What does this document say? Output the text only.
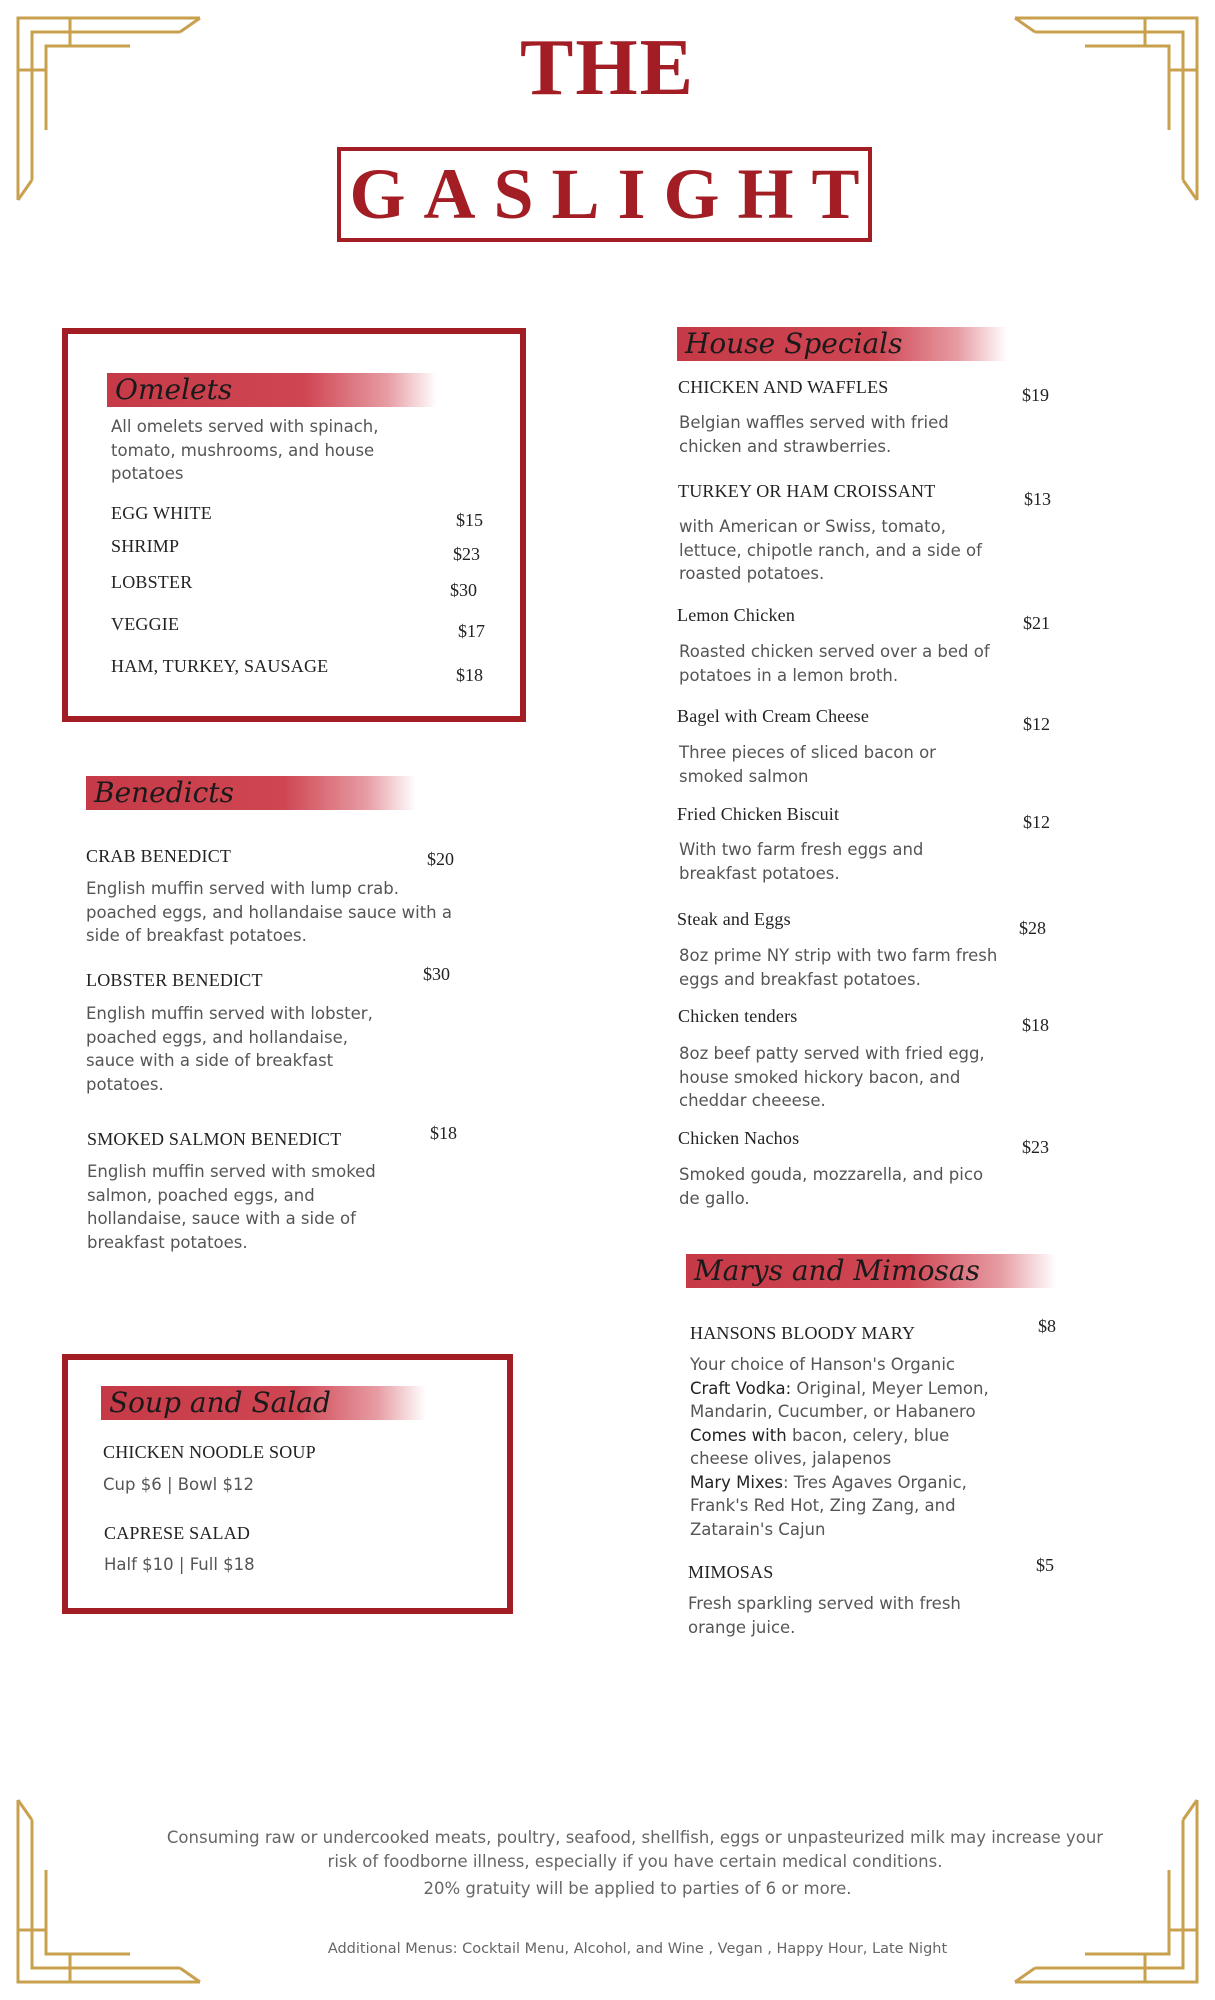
THE
GASLIGHT
Omelets
All omelets served with spinach, tomato, mushrooms, and house potatoes
EGG WHITE	$15
SHRIMP	$23
LOBSTER	$30
VEGGIE	$17
HAM, TURKEY, SAUSAGE	$18
Benedicts
CRAB BENEDICT	$20
English muffin served with lump crab. poached eggs, and hollandaise sauce with a side of breakfast potatoes.
LOBSTER BENEDICT	$30
English muffin served with lobster, poached eggs, and hollandaise, sauce with a side of breakfast potatoes.
SMOKED SALMON BENEDICT	$18
English muffin served with smoked salmon, poached eggs, and hollandaise, sauce with a side of breakfast potatoes.
Soup and Salad
CHICKEN NOODLE SOUP
Cup $6 | Bowl $12
CAPRESE SALAD
Half $10 | Full $18
House Specials
CHICKEN AND WAFFLES	$19
Belgian waffles served with fried chicken and strawberries.
TURKEY OR HAM CROISSANT	$13
with American or Swiss, tomato, lettuce, chipotle ranch, and a side of roasted potatoes.
Lemon Chicken	$21
Roasted chicken served over a bed of potatoes in a lemon broth.
Bagel with Cream Cheese	$12
Three pieces of sliced bacon or smoked salmon
Fried Chicken Biscuit	$12
With two farm fresh eggs and breakfast potatoes.
Steak and Eggs	$28
8oz prime NY strip with two farm fresh eggs and breakfast potatoes.
Chicken tenders	$18
8oz beef patty served with fried egg, house smoked hickory bacon, and cheddar cheeese.
Chicken Nachos	$23
Smoked gouda, mozzarella, and pico de gallo.
Marys and Mimosas
HANSONS BLOODY MARY	$8
Your choice of Hanson's Organic
Craft Vodka: Original, Meyer Lemon, Mandarin, Cucumber, or Habanero
Comes with bacon, celery, blue cheese olives, jalapenos
Mary Mixes: Tres Agaves Organic, Frank's Red Hot, Zing Zang, and Zatarain's Cajun
MIMOSAS	$5
Fresh sparkling served with fresh orange juice.
Consuming raw or undercooked meats, poultry, seafood, shellfish, eggs or unpasteurized milk may increase your risk of foodborne illness, especially if you have certain medical conditions.
20% gratuity will be applied to parties of 6 or more.
Additional Menus: Cocktail Menu, Alcohol, and Wine , Vegan , Happy Hour, Late Night
